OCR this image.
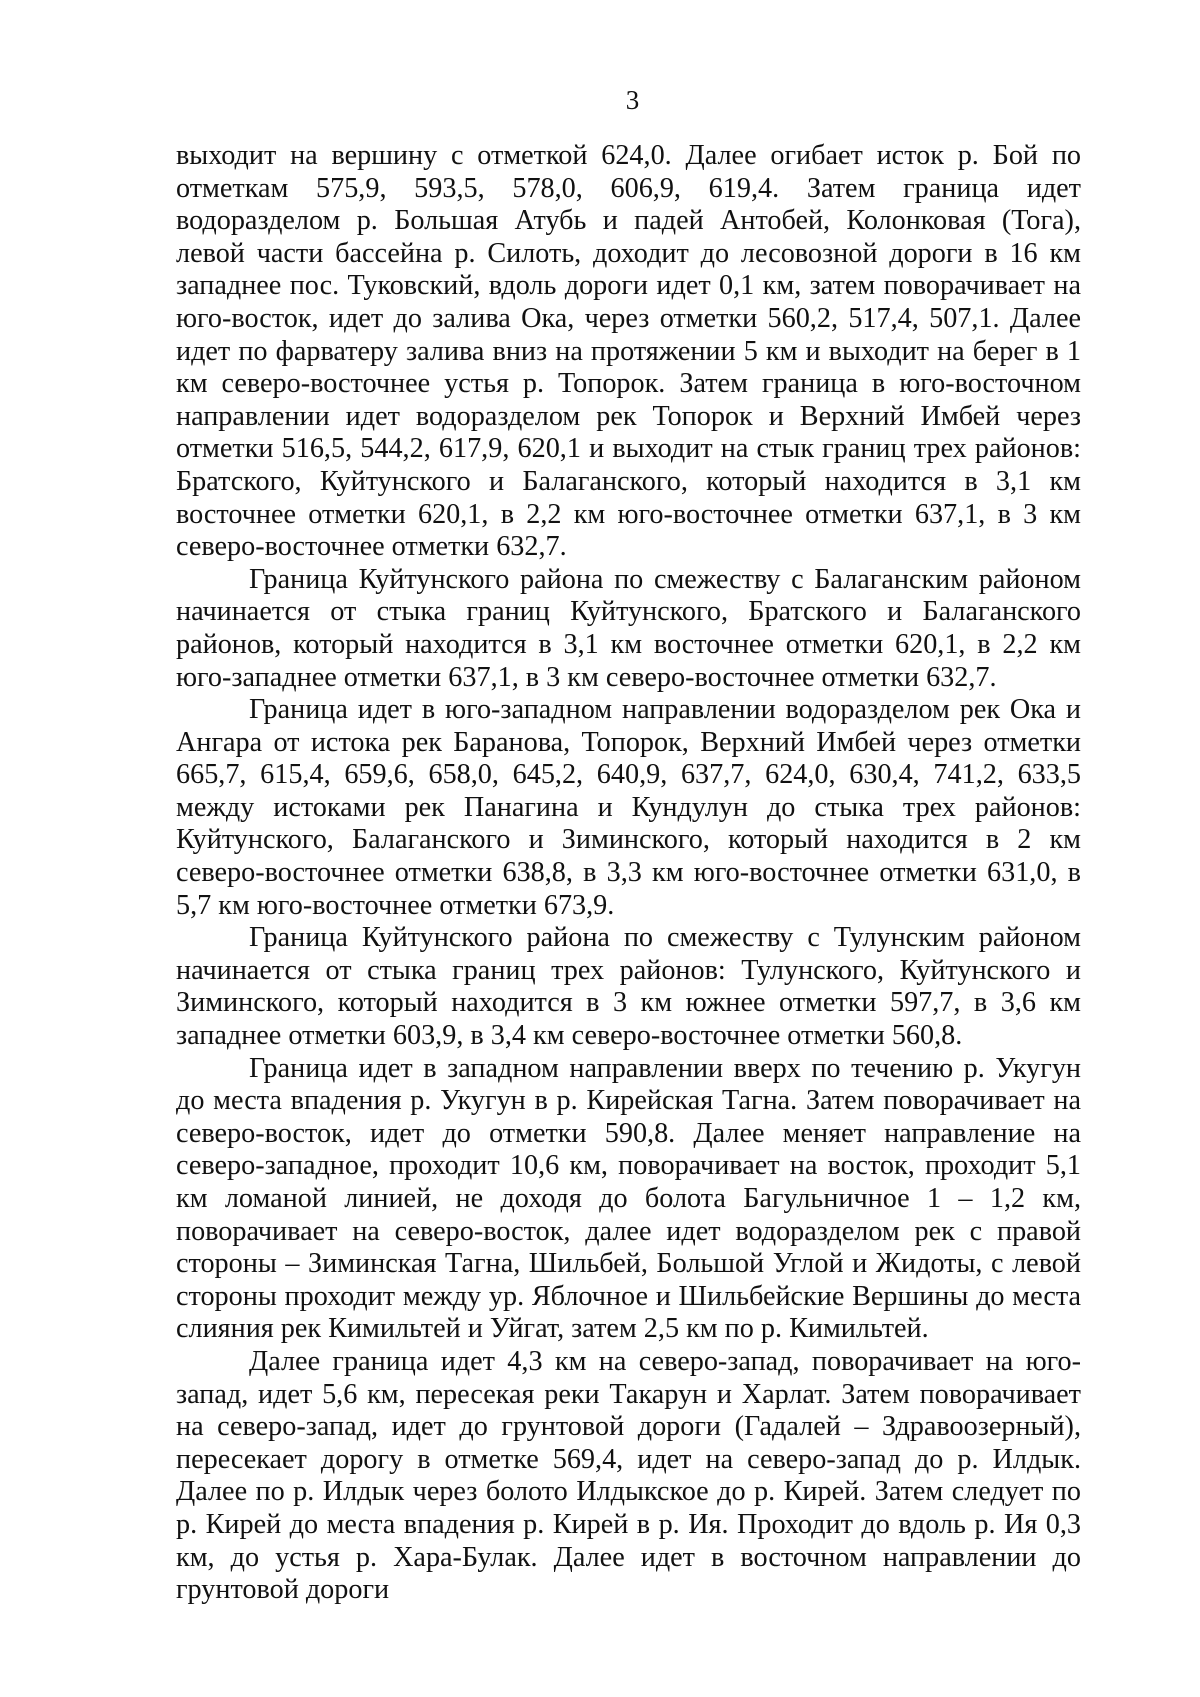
3

выходит на вершину с отметкой 624,0. Далее огибает исток р. Бой по отметкам 575,9, 593,5, 578,0, 606,9, 619,4. Затем граница идет водоразделом р. Большая Атубь и падей Антобей, Колонковая (Тога), левой части бассейна р. Силоть, доходит до лесовозной дороги в 16 км западнее пос. Туковский, вдоль дороги идет 0,1 км, затем поворачивает на юго-восток, идет до залива Ока, через отметки 560,2, 517,4, 507,1. Далее идет по фарватеру залива вниз на протяжении 5 км и выходит на берег в 1 км северо-восточнее устья р. Топорок. Затем граница в юго-восточном направлении идет водоразделом рек Топорок и Верхний Имбей через отметки 516,5, 544,2, 617,9, 620,1 и выходит на стык границ трех районов: Братского, Куйтунского и Балаганского, который находится в 3,1 км восточнее отметки 620,1, в 2,2 км юго-восточнее отметки 637,1, в 3 км северо-восточнее отметки 632,7.

Граница Куйтунского района по смежеству с Балаганским районом начинается от стыка границ Куйтунского, Братского и Балаганского районов, который находится в 3,1 км восточнее отметки 620,1, в 2,2 км юго-западнее отметки 637,1, в 3 км северо-восточнее отметки 632,7.

Граница идет в юго-западном направлении водоразделом рек Ока и Ангара от истока рек Баранова, Топорок, Верхний Имбей через отметки 665,7, 615,4, 659,6, 658,0, 645,2, 640,9, 637,7, 624,0, 630,4, 741,2, 633,5 между истоками рек Панагина и Кундулун до стыка трех районов: Куйтунского, Балаганского и Зиминского, который находится в 2 км северо-восточнее отметки 638,8, в 3,3 км юго-восточнее отметки 631,0, в 5,7 км юго-восточнее отметки 673,9.

Граница Куйтунского района по смежеству с Тулунским районом начинается от стыка границ трех районов: Тулунского, Куйтунского и Зиминского, который находится в 3 км южнее отметки 597,7, в 3,6 км западнее отметки 603,9, в 3,4 км северо-восточнее отметки 560,8.

Граница идет в западном направлении вверх по течению р. Укугун до места впадения р. Укугун в р. Кирейская Тагна. Затем поворачивает на северо-восток, идет до отметки 590,8. Далее меняет направление на северо-западное, проходит 10,6 км, поворачивает на восток, проходит 5,1 км ломаной линией, не доходя до болота Багульничное 1 – 1,2 км, поворачивает на северо-восток, далее идет водоразделом рек с правой стороны – Зиминская Тагна, Шильбей, Большой Углой и Жидоты, с левой стороны проходит между ур. Яблочное и Шильбейские Вершины до места слияния рек Кимильтей и Уйгат, затем 2,5 км по р. Кимильтей.

Далее граница идет 4,3 км на северо-запад, поворачивает на юго-запад, идет 5,6 км, пересекая реки Такарун и Харлат. Затем поворачивает на северо-запад, идет до грунтовой дороги (Гадалей – Здравоозерный), пересекает дорогу в отметке 569,4, идет на северо-запад до р. Илдык. Далее по р. Илдык через болото Илдыкское до р. Кирей. Затем следует по р. Кирей до места впадения р. Кирей в р. Ия. Проходит до вдоль р. Ия 0,3 км, до устья р. Хара-Булак. Далее идет в восточном направлении до грунтовой дороги
